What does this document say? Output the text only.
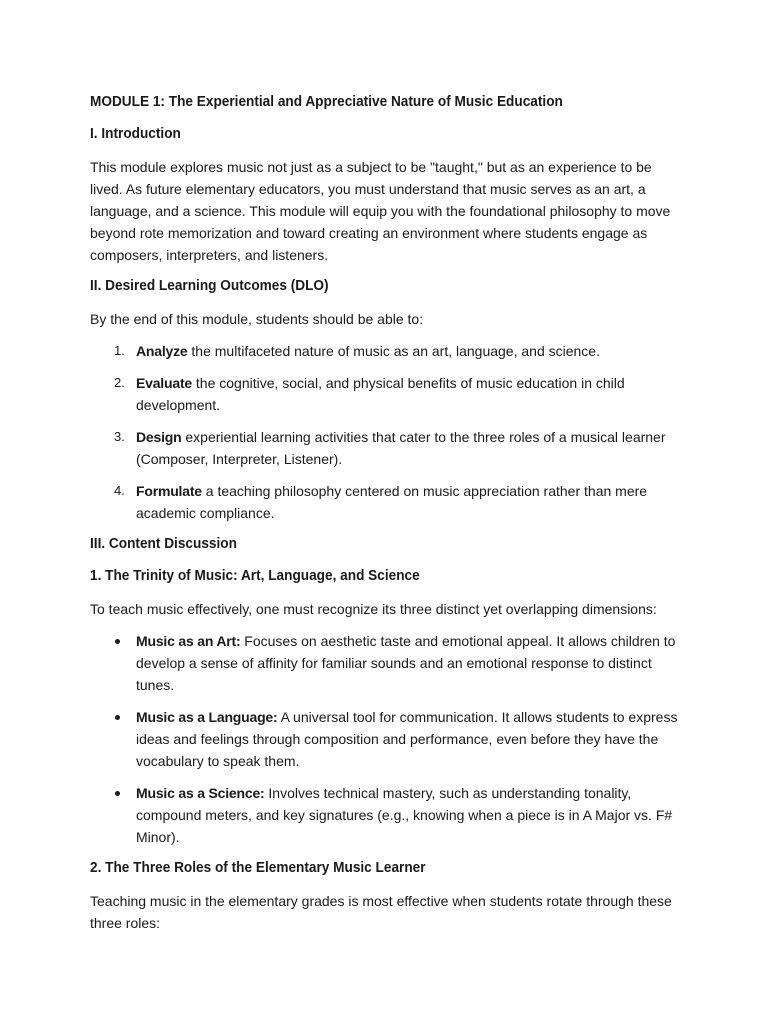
MODULE 1: The Experiential and Appreciative Nature of Music Education
I. Introduction

This module explores music not just as a subject to be "taught," but as an experience to be lived. As future elementary educators, you must understand that music serves as an art, a language, and a science. This module will equip you with the foundational philosophy to move beyond rote memorization and toward creating an environment where students engage as composers, interpreters, and listeners.

II. Desired Learning Outcomes (DLO)

By the end of this module, students should be able to:

1. Analyze the multifaceted nature of music as an art, language, and science.
2. Evaluate the cognitive, social, and physical benefits of music education in child development.
3. Design experiential learning activities that cater to the three roles of a musical learner (Composer, Interpreter, Listener).
4. Formulate a teaching philosophy centered on music appreciation rather than mere academic compliance.
III. Content Discussion
1. The Trinity of Music: Art, Language, and Science

To teach music effectively, one must recognize its three distinct yet overlapping dimensions:

Music as an Art: Focuses on aesthetic taste and emotional appeal. It allows children to develop a sense of affinity for familiar sounds and an emotional response to distinct tunes.
Music as a Language: A universal tool for communication. It allows students to express ideas and feelings through composition and performance, even before they have the vocabulary to speak them.
Music as a Science: Involves technical mastery, such as understanding tonality, compound meters, and key signatures (e.g., knowing when a piece is in A Major vs. F# Minor).
2. The Three Roles of the Elementary Music Learner

Teaching music in the elementary grades is most effective when students rotate through these three roles:
